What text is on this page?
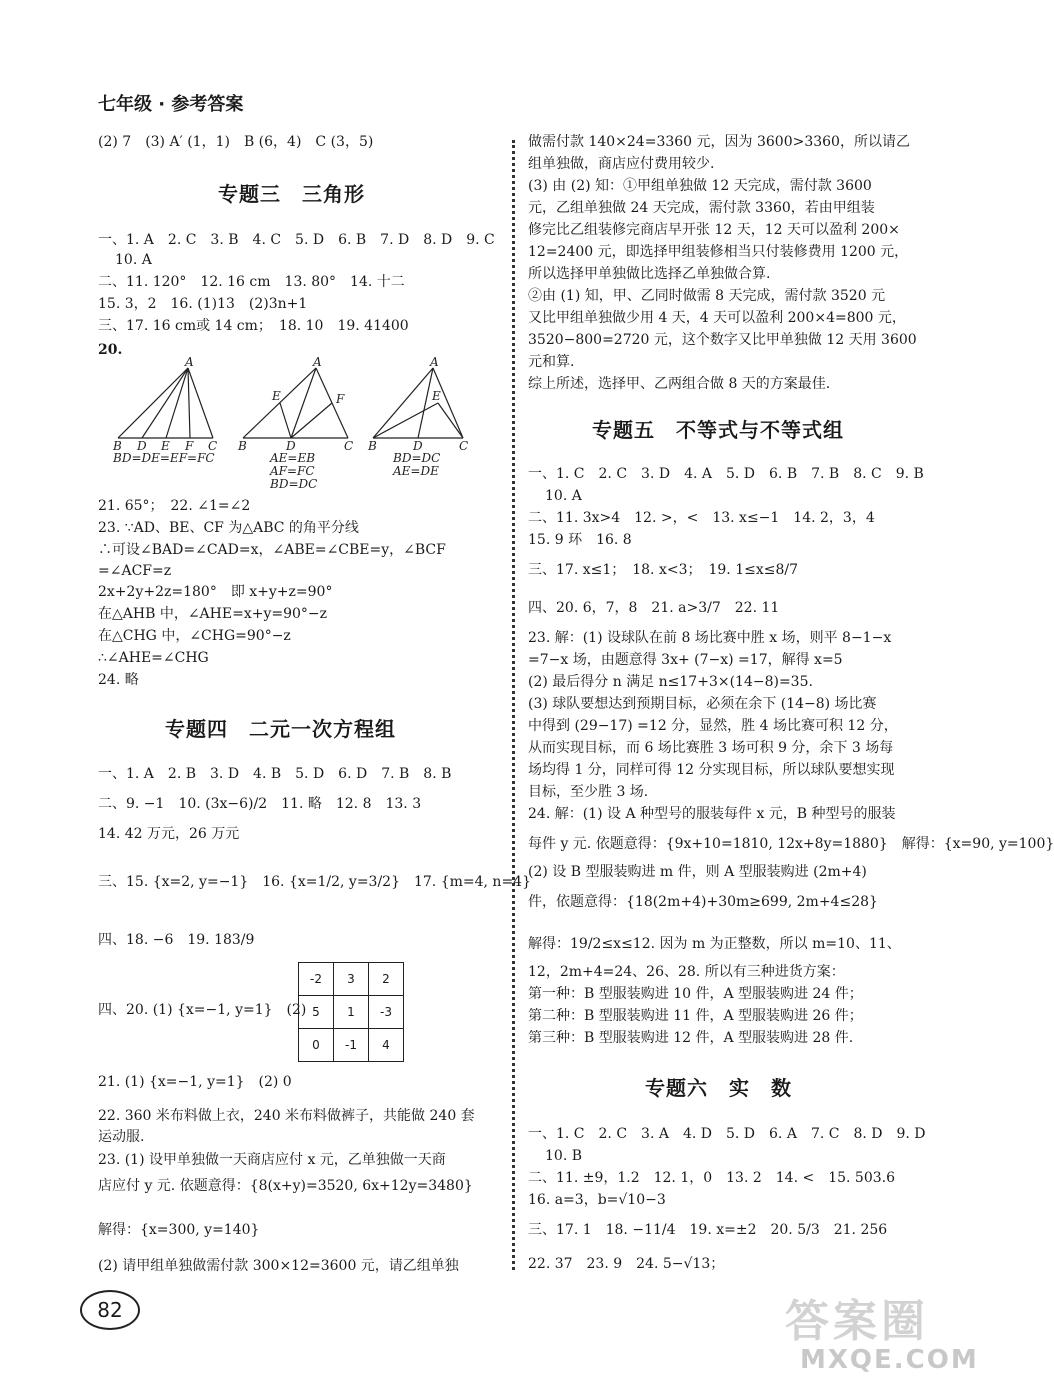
七年级 · 参考答案
(2) 7　(3) A′ (1，1)　B (6，4)　C (3，5)
专题三　三角形
一、1. A　2. C　3. B　4. C　5. D　6. B　7. D　8. D　9. C
10. A
二、11. 120°　12. 16 cm　13. 80°　14. 十二
15. 3，2　16. (1)13　(2)3n+1
三、17. 16 cm或 14 cm；　18. 10　19. 41400
20.
A
B D E F C
A
E	F
B	D	C
A
E
B	D	C
BD=DE=EF=FC	AE=EB
AF=FC
BD=DC
BD=DC
AE=DE
21. 65°；　22. ∠1=∠2
23. ∵AD、BE、CF 为△ABC 的角平分线
∴可设∠BAD=∠CAD=x，∠ABE=∠CBE=y，∠BCF
=∠ACF=z
2x+2y+2z=180°　即 x+y+z=90°
在△AHB 中，∠AHE=x+y=90°−z
在△CHG 中，∠CHG=90°−z
∴∠AHE=∠CHG
24. 略
专题四　二元一次方程组
一、1. A　2. B　3. D　4. B　5. D　6. D　7. B　8. B
二、9. −1　10. (3x−6)/2　11. 略　12. 8　13. 3
14. 42 万元，26 万元
三、15. {x=2, y=−1}　16. {x=1/2, y=3/2}　17. {m=4, n=4}
四、18. −6　19. 183/9
四、20. (1) {x=−1, y=1}　(2)
-2	3	2
5	1	-3
0	-1	4
21. (1) {x=−1, y=1}　(2) 0
22. 360 米布料做上衣，240 米布料做裤子，共能做 240 套
运动服.
23. (1) 设甲单独做一天商店应付 x 元，乙单独做一天商
店应付 y 元. 依题意得：{8(x+y)=3520, 6x+12y=3480}
解得：{x=300, y=140}
(2) 请甲组单独做需付款 300×12=3600 元，请乙组单独
做需付款 140×24=3360 元，因为 3600>3360，所以请乙
组单独做，商店应付费用较少.
(3) 由 (2) 知：①甲组单独做 12 天完成，需付款 3600
元，乙组单独做 24 天完成，需付款 3360，若由甲组装
修完比乙组装修完商店早开张 12 天，12 天可以盈利 200×
12=2400 元，即选择甲组装修相当只付装修费用 1200 元，
所以选择甲单独做比选择乙单独做合算.
②由 (1) 知，甲、乙同时做需 8 天完成，需付款 3520 元
又比甲组单独做少用 4 天，4 天可以盈利 200×4=800 元，
3520−800=2720 元，这个数字又比甲单独做 12 天用 3600
元和算.
综上所述，选择甲、乙两组合做 8 天的方案最佳.
专题五　不等式与不等式组
一、1. C　2. C　3. D　4. A　5. D　6. B　7. B　8. C　9. B
10. A
二、11. 3x>4　12. >，<　13. x≤−1　14. 2，3，4
15. 9 环　16. 8
三、17. x≤1；　18. x<3；　19. 1≤x≤8/7
四、20. 6，7，8　21. a>3/7　22. 11
23. 解：(1) 设球队在前 8 场比赛中胜 x 场，则平 8−1−x
=7−x 场，由题意得 3x+ (7−x) =17，解得 x=5
(2) 最后得分 n 满足 n≤17+3×(14−8)=35.
(3) 球队要想达到预期目标，必须在余下 (14−8) 场比赛
中得到 (29−17) =12 分，显然，胜 4 场比赛可积 12 分，
从而实现目标，而 6 场比赛胜 3 场可积 9 分，余下 3 场每
场均得 1 分，同样可得 12 分实现目标，所以球队要想实现
目标，至少胜 3 场.
24. 解：(1) 设 A 种型号的服装每件 x 元，B 种型号的服装
每件 y 元. 依题意得：{9x+10=1810, 12x+8y=1880}　解得：{x=90, y=100}
(2) 设 B 型服装购进 m 件，则 A 型服装购进 (2m+4)
件，依题意得：{18(2m+4)+30m≥699, 2m+4≤28}
解得：19/2≤x≤12. 因为 m 为正整数，所以 m=10、11、
12，2m+4=24、26、28. 所以有三种进货方案：
第一种：B 型服装购进 10 件，A 型服装购进 24 件；
第二种：B 型服装购进 11 件，A 型服装购进 26 件；
第三种：B 型服装购进 12 件，A 型服装购进 28 件.
专题六　实　数
一、1. C　2. C　3. A　4. D　5. D　6. A　7. C　8. D　9. D
10. B
二、11. ±9，1.2　12. 1，0　13. 2　14. <　15. 503.6
16. a=3，b=√10−3
三、17. 1　18. −11/4　19. x=±2　20. 5/3　21. 256
22. 37　23. 9　24. 5−√13；
82	答案圈
MXQE.COM
